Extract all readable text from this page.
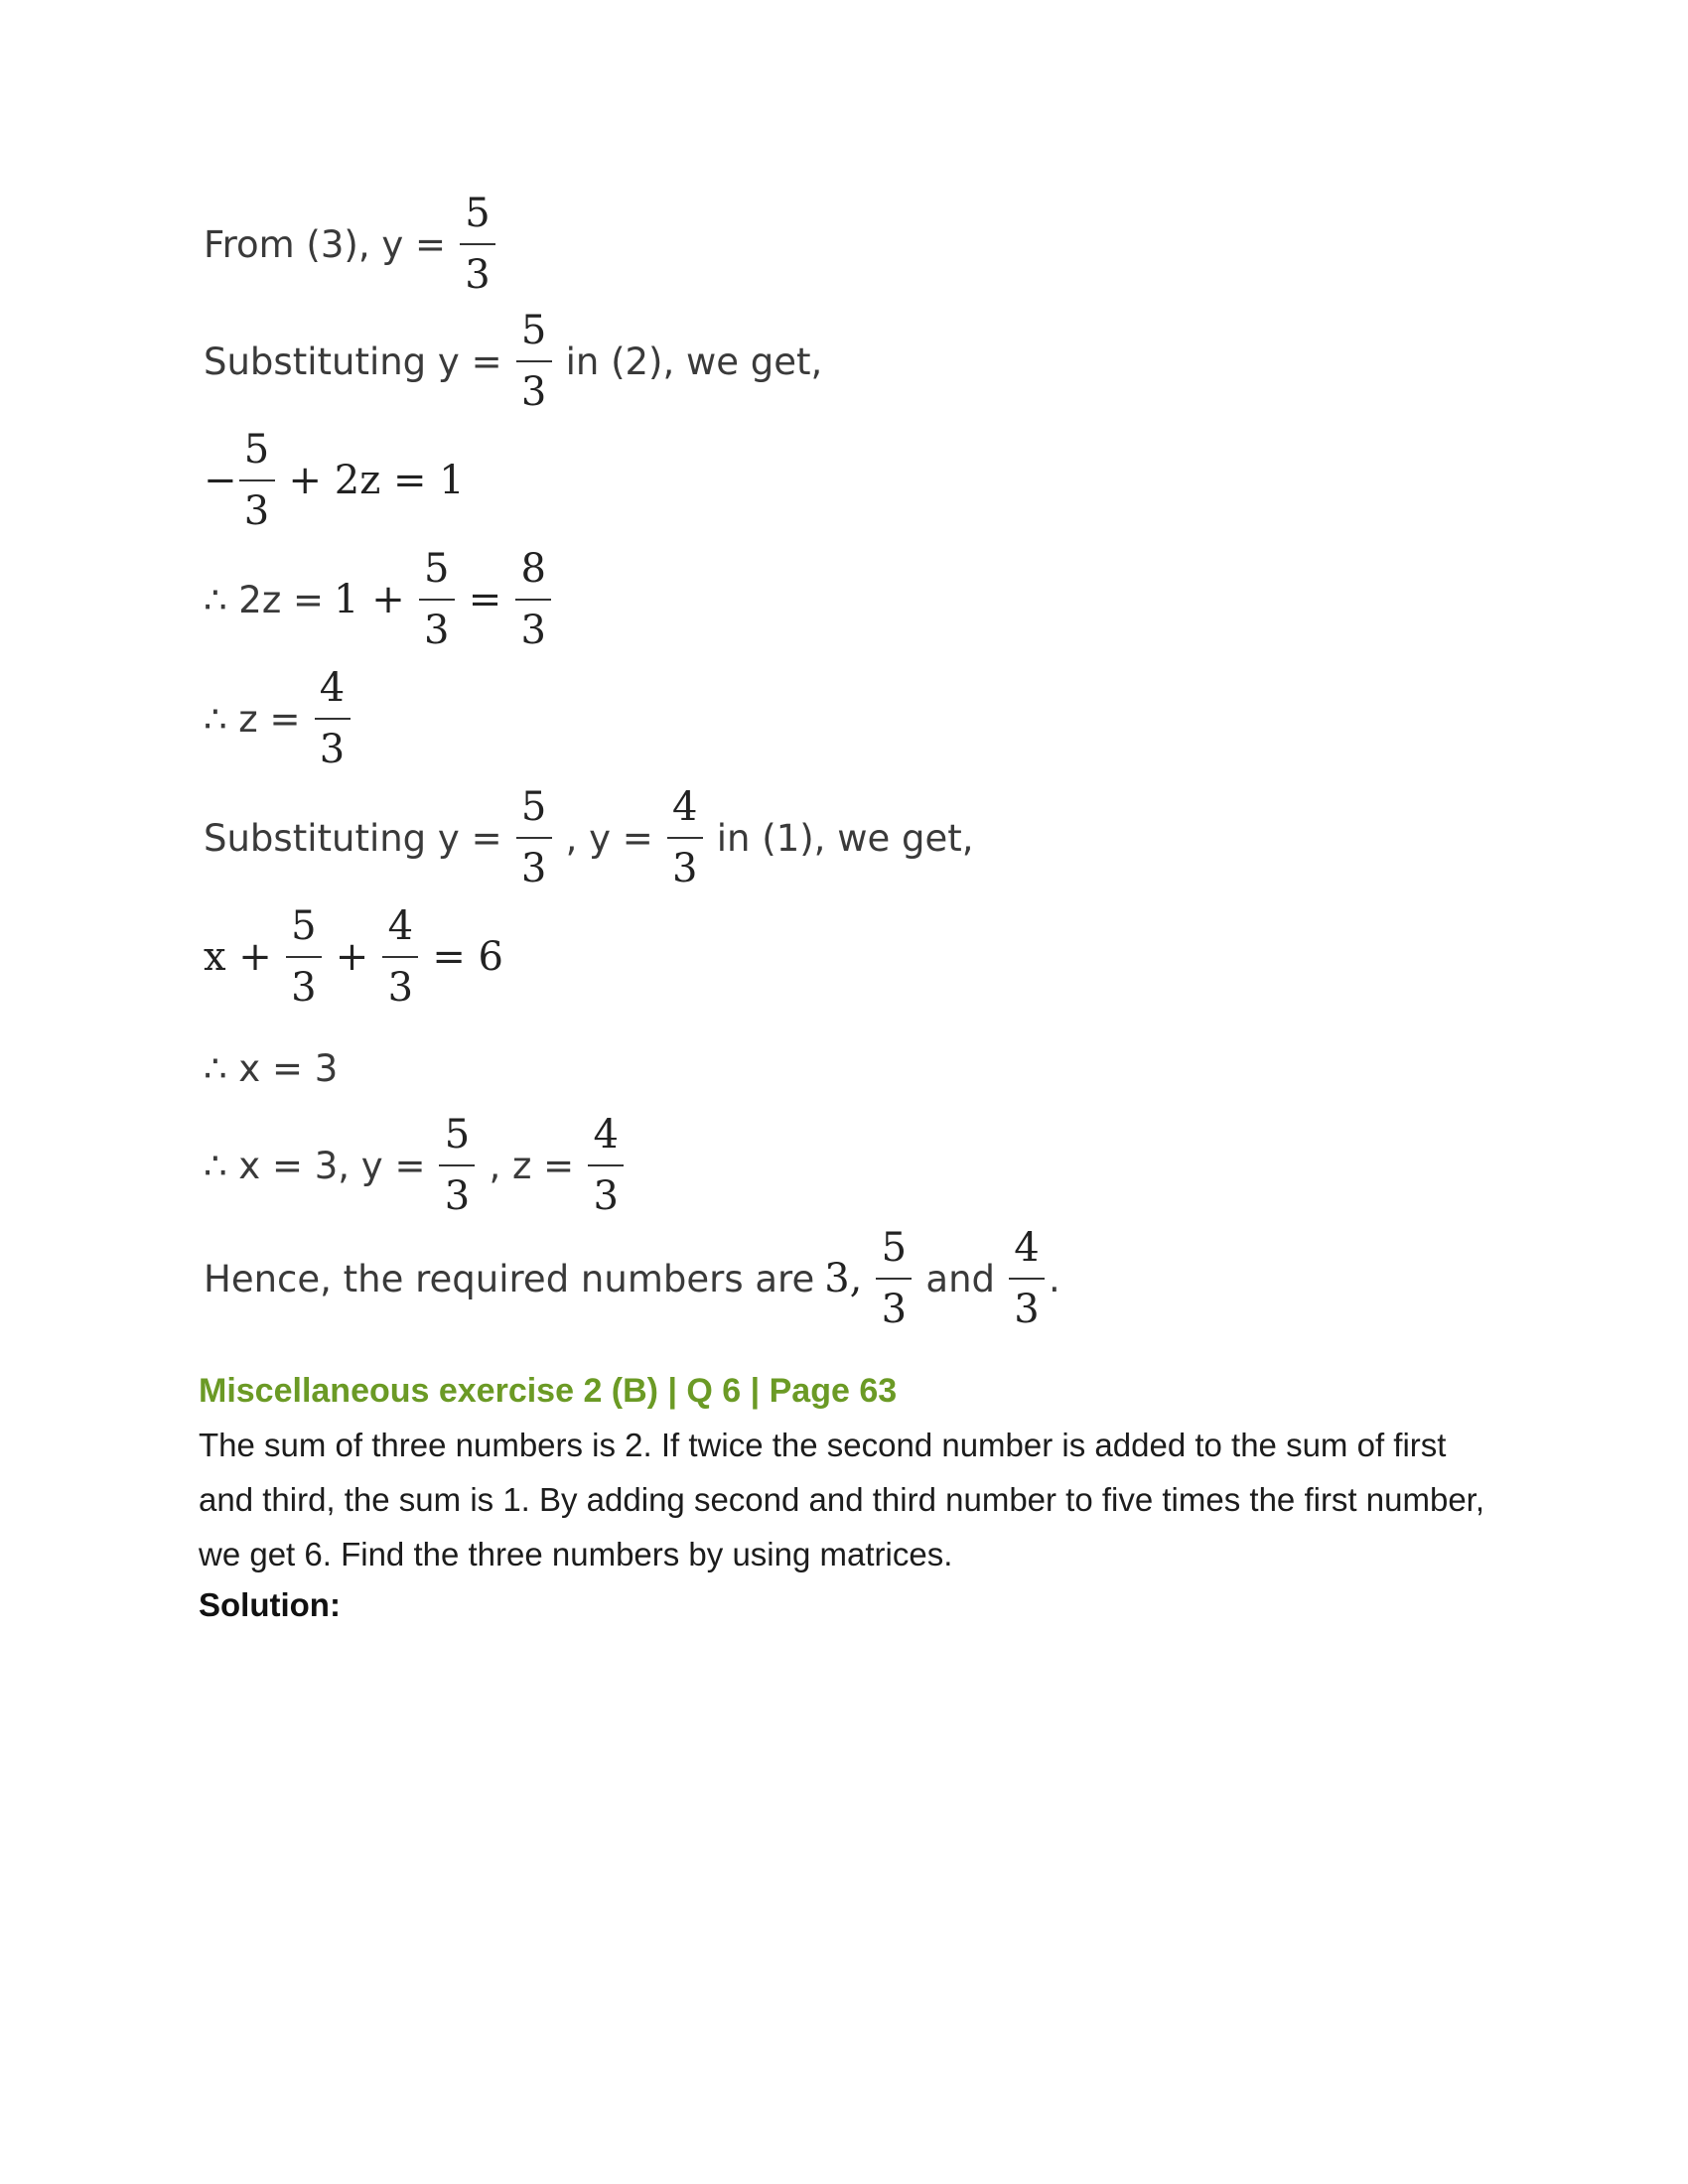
From (3), $y = \frac{5}{3}$
Substituting $y = \frac{5}{3}$ in (2), we get,
− $\frac{5}{3} + 2z = 1$
∴ $2z = 1 + \frac{5}{3} = \frac{8}{3}$
∴ $z = \frac{4}{3}$
Substituting $y = \frac{5}{3}$ , $y = \frac{4}{3}$ in (1), we get,
$x + \frac{5}{3} + \frac{4}{3} = 6$
∴ x = 3
∴ x = 3, $y = \frac{5}{3}$ , $z = \frac{4}{3}$
Hence, the required numbers are 3, $\frac{5}{3}$ and $\frac{4}{3}$ .
Miscellaneous exercise 2 (B) | Q 6 | Page 63
The sum of three numbers is 2. If twice the second number is added to the sum of first and third, the sum is 1. By adding second and third number to five times the first number, we get 6. Find the three numbers by using matrices.
Solution:
